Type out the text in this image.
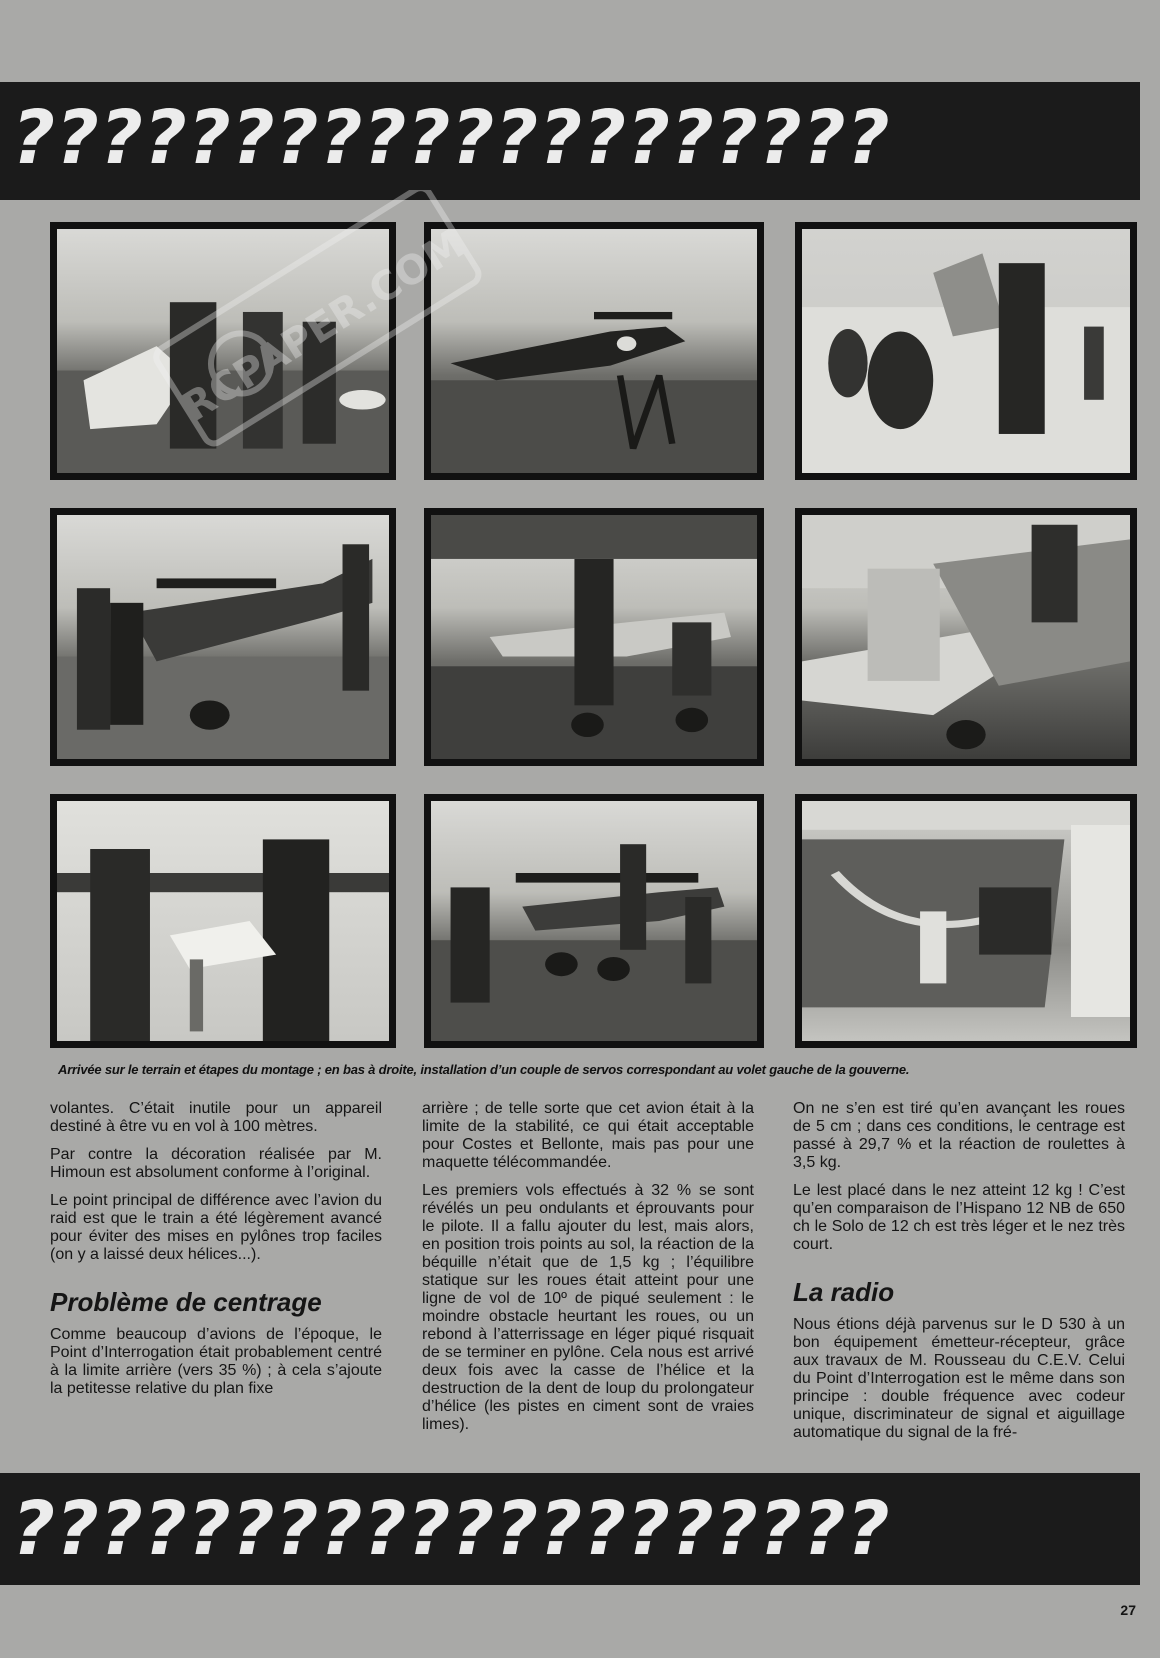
????????????????????
RCPAPER.COM
Arrivée sur le terrain et étapes du montage ; en bas à droite, installation d’un couple de servos correspondant au volet gauche de la gouverne.

volantes. C’était inutile pour un appareil destiné à être vu en vol à 100 mètres.

Par contre la décoration réalisée par M. Himoun est absolument conforme à l’original.

Le point principal de différence avec l’avion du raid est que le train a été légèrement avancé pour éviter des mises en pylônes trop faciles (on y a laissé deux hélices...).

Problème de centrage

Comme beaucoup d’avions de l’époque, le Point d’Interrogation était probablement centré à la limite arrière (vers 35 %) ; à cela s’ajoute la petitesse relative du plan fixe

arrière ; de telle sorte que cet avion était à la limite de la stabilité, ce qui était acceptable pour Costes et Bellonte, mais pas pour une maquette télécommandée.

Les premiers vols effectués à 32 % se sont révélés un peu ondulants et éprouvants pour le pilote. Il a fallu ajouter du lest, mais alors, en position trois points au sol, la réaction de la béquille n’était que de 1,5 kg ; l’équilibre statique sur les roues était atteint pour une ligne de vol de 10º de piqué seulement : le moindre obstacle heurtant les roues, ou un rebond à l’atterrissage en léger piqué risquait de se terminer en pylône. Cela nous est arrivé deux fois avec la casse de l’hélice et la destruction de la dent de loup du prolongateur d’hélice (les pistes en ciment sont de vraies limes).

On ne s’en est tiré qu’en avançant les roues de 5 cm ; dans ces conditions, le centrage est passé à 29,7 % et la réaction de roulettes à 3,5 kg.

Le lest placé dans le nez atteint 12 kg ! C’est qu’en comparaison de l’Hispano 12 NB de 650 ch le Solo de 12 ch est très léger et le nez très court.

La radio

Nous étions déjà parvenus sur le D 530 à un bon équipement émetteur-récepteur, grâce aux travaux de M. Rousseau du C.E.V. Celui du Point d’Interrogation est le même dans son principe : double fréquence avec codeur unique, discriminateur de signal et aiguillage automatique du signal de la fré-

????????????????????
27
